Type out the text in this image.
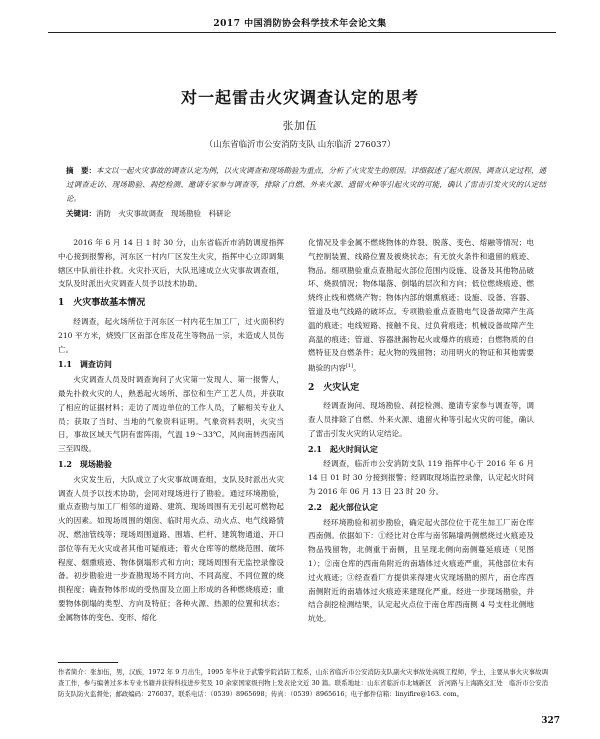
2017 中国消防协会科学技术年会论文集
对一起雷击火灾调查认定的思考
张加伍
（山东省临沂市公安消防支队 山东临沂 276037）
摘　要：本文以一起火灾事故的调查认定为例，以火灾调查和现场勘验为重点，分析了火灾发生的原因。详细叙述了起火原因、调查认定过程，通过调查走访、现场勘验、刹挖检测、邀请专家参与调查等，排除了自燃、外来火源、遗留火种等引起火灾的可能，确认了雷击引发火灾的认定结论。
关键词：消防　火灾事故调查　现场勘验　科研论

2016 年 6 月 14 日 1 时 30 分，山东省临沂市消防调度指挥中心接到报警称，河东区一村内厂区发生火灾，指挥中心立即调集辖区中队前往扑救。火灾扑灭后，大队迅速成立火灾事故调查组，支队及时派出火灾调查人员予以技术协助。

1　火灾事故基本情况

经调查，起火场所位于河东区一村内花生加工厂，过火面积约 210 平方米，烧毁厂区南部仓库及花生等物品一宗，未造成人员伤亡。

1.1　调查访问

火灾调查人员及时调查询问了火灾第一发现人、第一报警人，最先扑救火灾的人，熟悉起火场所、部位和生产工艺人员，并获取了相应的证据材料；走访了周边单位的工作人员，了解相关专业人员；获取了当时、当地的气象资料证明。气象资料表明，火灾当日，事故区域天气阴有雷阵雨，气温 19～33℃，风向南转西南风三至四级。

1.2　现场勘验

火灾发生后，大队成立了火灾事故调查组，支队及时派出火灾调查人员予以技术协助，会同对现场进行了勘验。通过环境勘验，重点查勘与加工厂相邻的道路、建筑、现场周围有无引起可燃物起火的因素。如现场周围的烟囱、临时用火点、动火点、电气线路情况、燃油管线等；现场周围道路、围墙、栏杆、建筑物通道、开口部位等有无火灾或者其他可疑痕迹；着火仓库等的燃烧范围、破坏程度、烟熏痕迹、物体倒塌形式和方向；现场周围有无监控录像设备。初步勘验进一步查勘现场不同方向、不同高度、不同位置的烧损程度；确查物体形成的受热面及立面上形成的各种燃烧痕迹；重要物体倒塌的类型、方向及特征；各种火源、热源的位置和状态；金属物体的变色、变形、熔化

化情况及非金属不燃烧物体的炸裂、脱落、变色、熔融等情况；电气控制装置、线路位置及被烧状态；有无放火条件和遗留的痕迹、物品。细项勘验重点查勘起火部位范围内设施、设备及其他物品破坏、烧损情况；物体塌落、倒塌的层次和方向；低位燃烧痕迹、燃烧终止线和燃烧产物；物体内部的烟熏痕迹；设施、设备、容器、管道及电气线路的破坏点。专项勘验重点查勘电气设备故障产生高温的痕迹；电线短路、接触不良、过负荷痕迹；机械设备故障产生高温的痕迹；管道、容器泄漏物起火或爆炸的痕迹；自燃物质的自燃特征及自燃条件；起火物的残留物；动用明火的物证和其他需要勘验的内容[1]。

2　火灾认定

经调查询问、现场勘验、刹挖检测、邀请专家参与调查等，调查人员排除了自燃、外来火源、遗留火种等引起火灾的可能，确认了雷击引发火灾的认定结论。

2.1　起火时间认定

经调查，临沂市公安消防支队 119 指挥中心于 2016 年 6 月 14 日 01 时 30 分接到报警；经调取现场监控录像，认定起火时间为 2016 年 06 月 13 日 23 时 20 分。

2.2　起火部位认定

经环境勘验和初步勘验，确定起火部位位于花生加工厂南仓库西南侧。依据如下：①经比对仓库与南邻隔墙两侧燃烧过火痕迹及物品残留物，北侧重于南侧，且呈现北侧向南侧蔓延痕迹（见图 1）；②南仓库的西南角附近的南墙体过火痕迹严重，其他部位未有过火痕迹；③经查看厂方提供来得建火灾现场勘的照片，南仓库西南侧附近的南墙体过火痕迹来建现化严重。经进一步现场勘验，并结合刹挖检测结果，认定起火点位于南仓库西南侧 4 号支柱北侧地坑处。

作者简介：张加伍，男，汉族，1972 年 9 月出生，1995 年毕业于武警学院消防工程系，山东省临沂市公安消防支队副火灾事故处高级工程师，学士，主要从事火灾事故调查工作，参与编著过多本专业书籍并获得科技进步奖及 10 余家国家级刊物上发表论文近 30 篇。联系地址：山东省临沂市北城新区　沂河路与上海路交汇处　临沂市公安消防支队防火监督处；邮政编码：276037。联系电话：（0539）8965698；传真：（0539）8965616；电子邮件信箱：linyifire@163. com。
327
